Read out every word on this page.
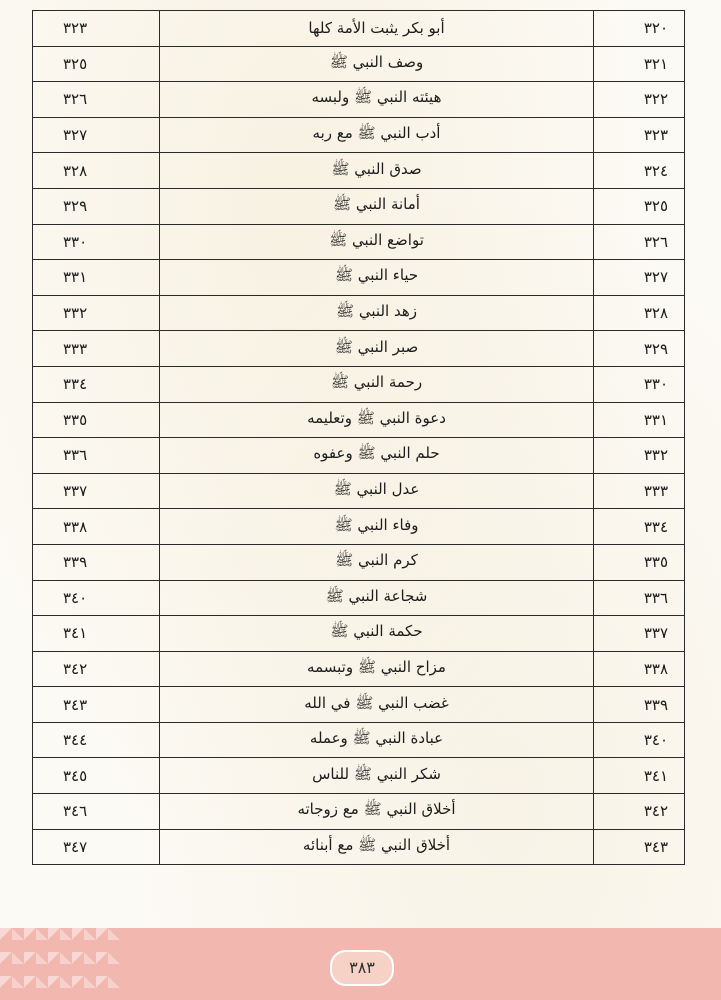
٣٢٠	أبو بكر يثبت الأمة كلها	٣٢٣
٣٢١	وصف النبي ﷺ	٣٢٥
٣٢٢	هيئته النبي ﷺ ولبسه	٣٢٦
٣٢٣	أدب النبي ﷺ مع ربه	٣٢٧
٣٢٤	صدق النبي ﷺ	٣٢٨
٣٢٥	أمانة النبي ﷺ	٣٢٩
٣٢٦	تواضع النبي ﷺ	٣٣٠
٣٢٧	حياء النبي ﷺ	٣٣١
٣٢٨	زهد النبي ﷺ	٣٣٢
٣٢٩	صبر النبي ﷺ	٣٣٣
٣٣٠	رحمة النبي ﷺ	٣٣٤
٣٣١	دعوة النبي ﷺ وتعليمه	٣٣٥
٣٣٢	حلم النبي ﷺ وعفوه	٣٣٦
٣٣٣	عدل النبي ﷺ	٣٣٧
٣٣٤	وفاء النبي ﷺ	٣٣٨
٣٣٥	كرم النبي ﷺ	٣٣٩
٣٣٦	شجاعة النبي ﷺ	٣٤٠
٣٣٧	حكمة النبي ﷺ	٣٤١
٣٣٨	مزاح النبي ﷺ وتبسمه	٣٤٢
٣٣٩	غضب النبي ﷺ في الله	٣٤٣
٣٤٠	عبادة النبي ﷺ وعمله	٣٤٤
٣٤١	شكر النبي ﷺ للناس	٣٤٥
٣٤٢	أخلاق النبي ﷺ مع زوجاته	٣٤٦
٣٤٣	أخلاق النبي ﷺ مع أبنائه	٣٤٧
٣٨٣
